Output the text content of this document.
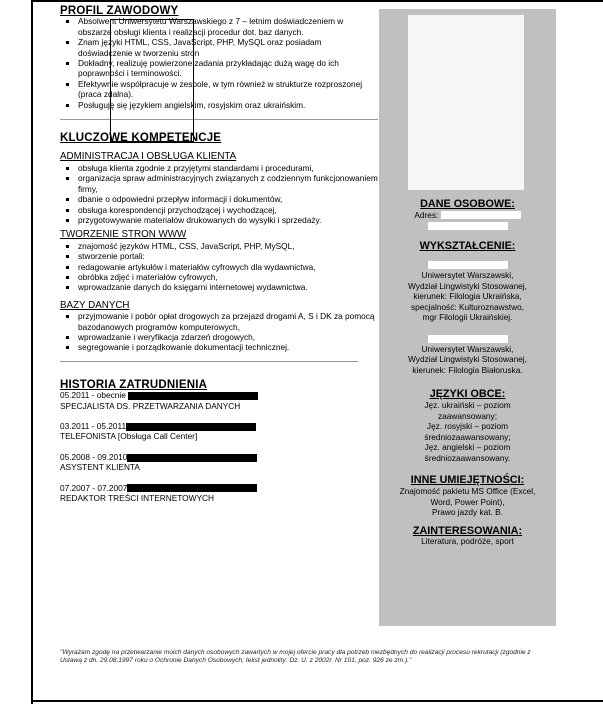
PROFIL ZAWODOWY
▪ Absolwent Uniwersytetu Warszawskiego z 7 – letnim doświadczeniem w obszarze obsługi klienta i realizacji procedur dot. baz danych.
▪ Znam języki HTML, CSS, JavaScript, PHP, MySQL oraz posiadam doświadczenie w tworzeniu stron
▪ Dokładny, realizuję powierzone zadania przykładając dużą wagę do ich poprawności i terminowości.
▪ Efektywnie współpracuje w zespole, w tym również w strukturze rozproszonej (praca zdalna).
▪ Posługuję się językiem angielskim, rosyjskim oraz ukraińskim.
KLUCZOWE KOMPETENCJE
ADMINISTRACJA I OBSŁUGA KLIENTA
▪ obsługa klienta zgodnie z przyjętymi standardami i procedurami,
▪ organizacja spraw administracyjnych związanych z codziennym funkcjonowaniem firmy,
▪ dbanie o odpowiedni przepływ informacji i dokumentów,
▪ obsługa korespondencji przychodzącej i wychodzącej,
▪ przygotowywanie materiałów drukowanych do wysyłki i sprzedaży.
TWORZENIE STRON WWW
▪ znajomość języków HTML, CSS, JavaScript, PHP, MySQL,
▪ stworzenie portali:
▪ redagowanie artykułów i materiałów cyfrowych dla wydawnictwa,
▪ obróbka zdjęć i materiałów cyfrowych,
▪ wprowadzanie danych do księgarni internetowej wydawnictwa.
BAZY DANYCH
▪ przyjmowanie i pobór opłat drogowych za przejazd drogami A, S i DK za pomocą bazodanowych programów komputerowych,
▪ wprowadzanie i weryfikacja zdarzeń drogowych,
▪ segregowanie i porządkowanie dokumentacji technicznej.
HISTORIA ZATRUDNIENIA
05.2011 - obecnie
SPECJALISTA DS. PRZETWARZANIA DANYCH
03.2011 - 05.2011
TELEFONISTA [Obsługa Call Center]
05.2008 - 09.2010
ASYSTENT KLIENTA
07.2007 - 07.2007
REDAKTOR TREŚCI INTERNETOWYCH
DANE OSOBOWE:
Adres:
WYKSZTAŁCENIE:
Uniwersytet Warszawski,
Wydział Lingwistyki Stosowanej,
kierunek: Filologia Ukraińska,
specjalność: Kulturoznawstwo,
mgr Filologii Ukraińskiej.
Uniwersytet Warszawski,
Wydział Lingwistyki Stosowanej,
kierunek: Filologia Białoruska.
JĘZYKI OBCE:
Jęz. ukraiński – poziom
zaawansowany;
Jęz. rosyjski – poziom
średniozaawansowany;
Jęz. angielski – poziom
średniozaawansowany.
INNE UMIEJĘTNOŚCI:
Znajomość pakietu MS Office (Excel,
Word, Power Point),
Prawo jazdy kat. B.
ZAINTERESOWANIA:
Literatura, podróże, sport
"Wyrażam zgodę na przetwarzanie moich danych osobowych zawartych w mojej ofercie pracy dla potrzeb niezbędnych do realizacji procesu rekrutacji (zgodnie z Ustawą z dn. 29.08.1997 roku o Ochronie Danych Osobowych; tekst jednolity: Dz. U. z 2002r. Nr 101, poz. 926 ze zm.)."
